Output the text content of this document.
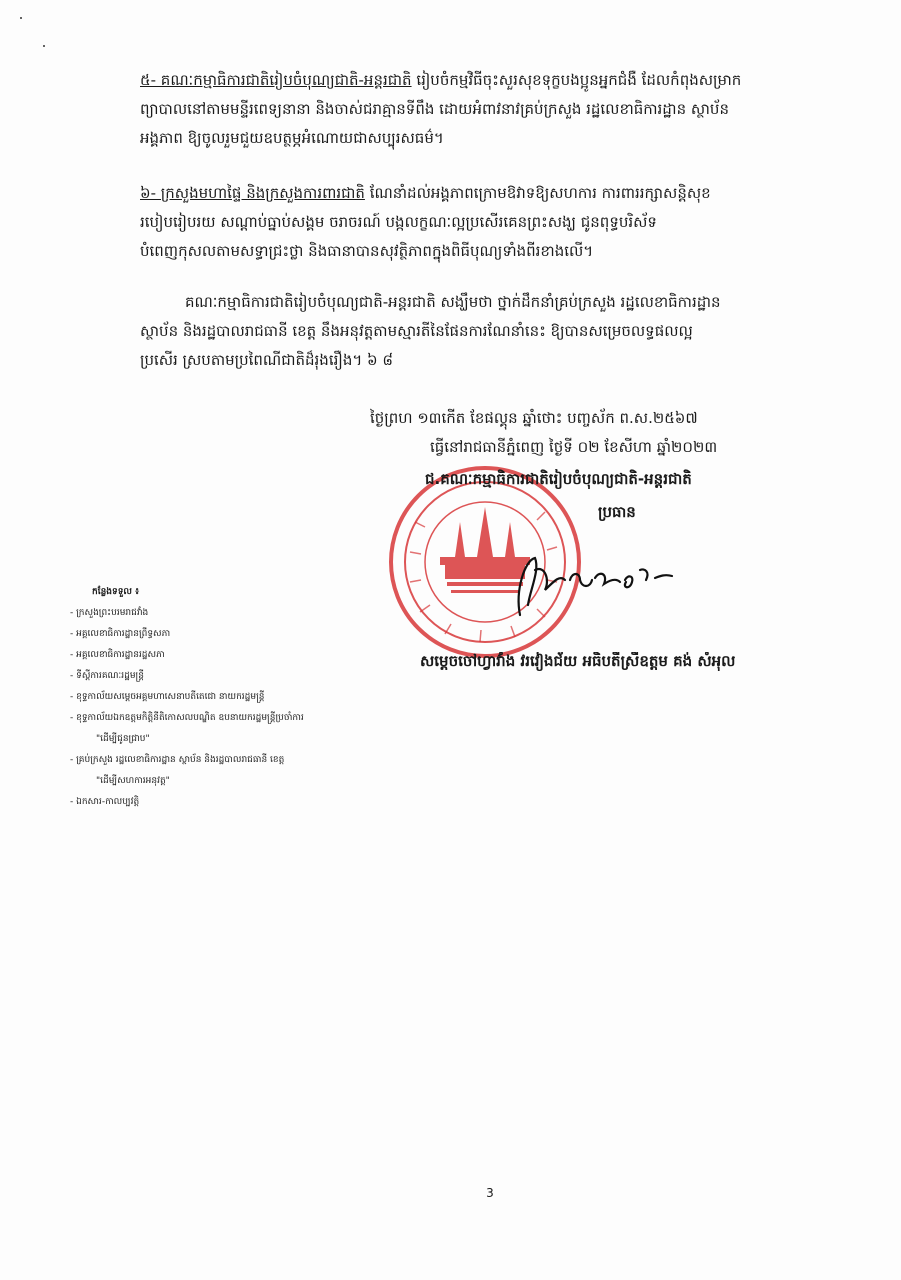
៥- គណៈកម្មាធិការជាតិរៀបចំបុណ្យជាតិ-អន្តរជាតិ រៀបចំកម្មវិធីចុះសួរសុខទុក្ខបងប្អូនអ្នកជំងឺ ដែលកំពុងសម្រាក
ព្យាបាលនៅតាមមន្ទីរពេទ្យនានា និងចាស់ជរាគ្មានទីពឹង ដោយអំពាវនាវគ្រប់ក្រសួង រដ្ឋលេខាធិការដ្ឋាន ស្ថាប័ន
អង្គភាព ឱ្យចូលរួមជួយឧបត្ថម្ភអំណោយជាសប្បុរសធម៌។
៦- ក្រសួងមហាផ្ទៃ និងក្រសួងការពារជាតិ ណែនាំដល់អង្គភាពក្រោមឱវាទឱ្យសហការ ការពាររក្សាសន្តិសុខ
របៀបរៀបរយ សណ្តាប់ធ្នាប់សង្គម ចរាចរណ៍ បង្កលក្ខណៈល្អប្រសើរគេនព្រះសង្ឃ ជូនពុទ្ធបរិស័ទ
បំពេញកុសលតាមសទ្ធាជ្រះថ្លា និងធានាបានសុវត្ថិភាពក្នុងពិធីបុណ្យទាំងពីរខាងលើ។
គណៈកម្មាធិការជាតិរៀបចំបុណ្យជាតិ-អន្តរជាតិ សង្ឃឹមថា ថ្នាក់ដឹកនាំគ្រប់ក្រសួង រដ្ឋលេខាធិការដ្ឋាន
ស្ថាប័ន និងរដ្ឋបាលរាជធានី ខេត្ត នឹងអនុវត្តតាមស្មារតីនៃផែនការណែនាំនេះ ឱ្យបានសម្រេចលទ្ធផលល្អ
ប្រសើរ ស្របតាមប្រពៃណីជាតិដ៏រុងរឿង។ ៦ ៨
ថ្ងៃព្រហ ១៣កើត ខែផល្គុន ឆ្នាំថោះ បញ្ចស័ក ព.ស.២៥៦៧
ធ្វើនៅរាជធានីភ្នំពេញ ថ្ងៃទី ០២ ខែសីហា ឆ្នាំ២០២៣
ជ.គណៈកម្មាធិការជាតិរៀបចំបុណ្យជាតិ-អន្តរជាតិ
ប្រធាន
សម្តេចចៅហ្វាវាំង វរវៀងជ័យ អធិបតីស្រីឧត្តម គង់ សំអុល
កន្លែងទទួល ៖
- ក្រសួងព្រះបរមរាជវាំង
- អគ្គលេខាធិការដ្ឋានព្រឹទ្ធសភា
- អគ្គលេខាធិការដ្ឋានរដ្ឋសភា
- ទីស្តីការគណៈរដ្ឋមន្ត្រី
- ខុទ្ទកាល័យសម្តេចអគ្គមហាសេនាបតីតេជោ នាយករដ្ឋមន្ត្រី
- ខុទ្ទកាល័យឯកឧត្តមកិត្តិនីតិកោសលបណ្ឌិត ឧបនាយករដ្ឋមន្ត្រីប្រចាំការ
"ដើម្បីជូនជ្រាប"
- គ្រប់ក្រសួង រដ្ឋលេខាធិការដ្ឋាន ស្ថាប័ន និងរដ្ឋបាលរាជធានី ខេត្ត
"ដើម្បីសហការអនុវត្ត"
- ឯកសារ-កាលប្បវត្តិ
3
